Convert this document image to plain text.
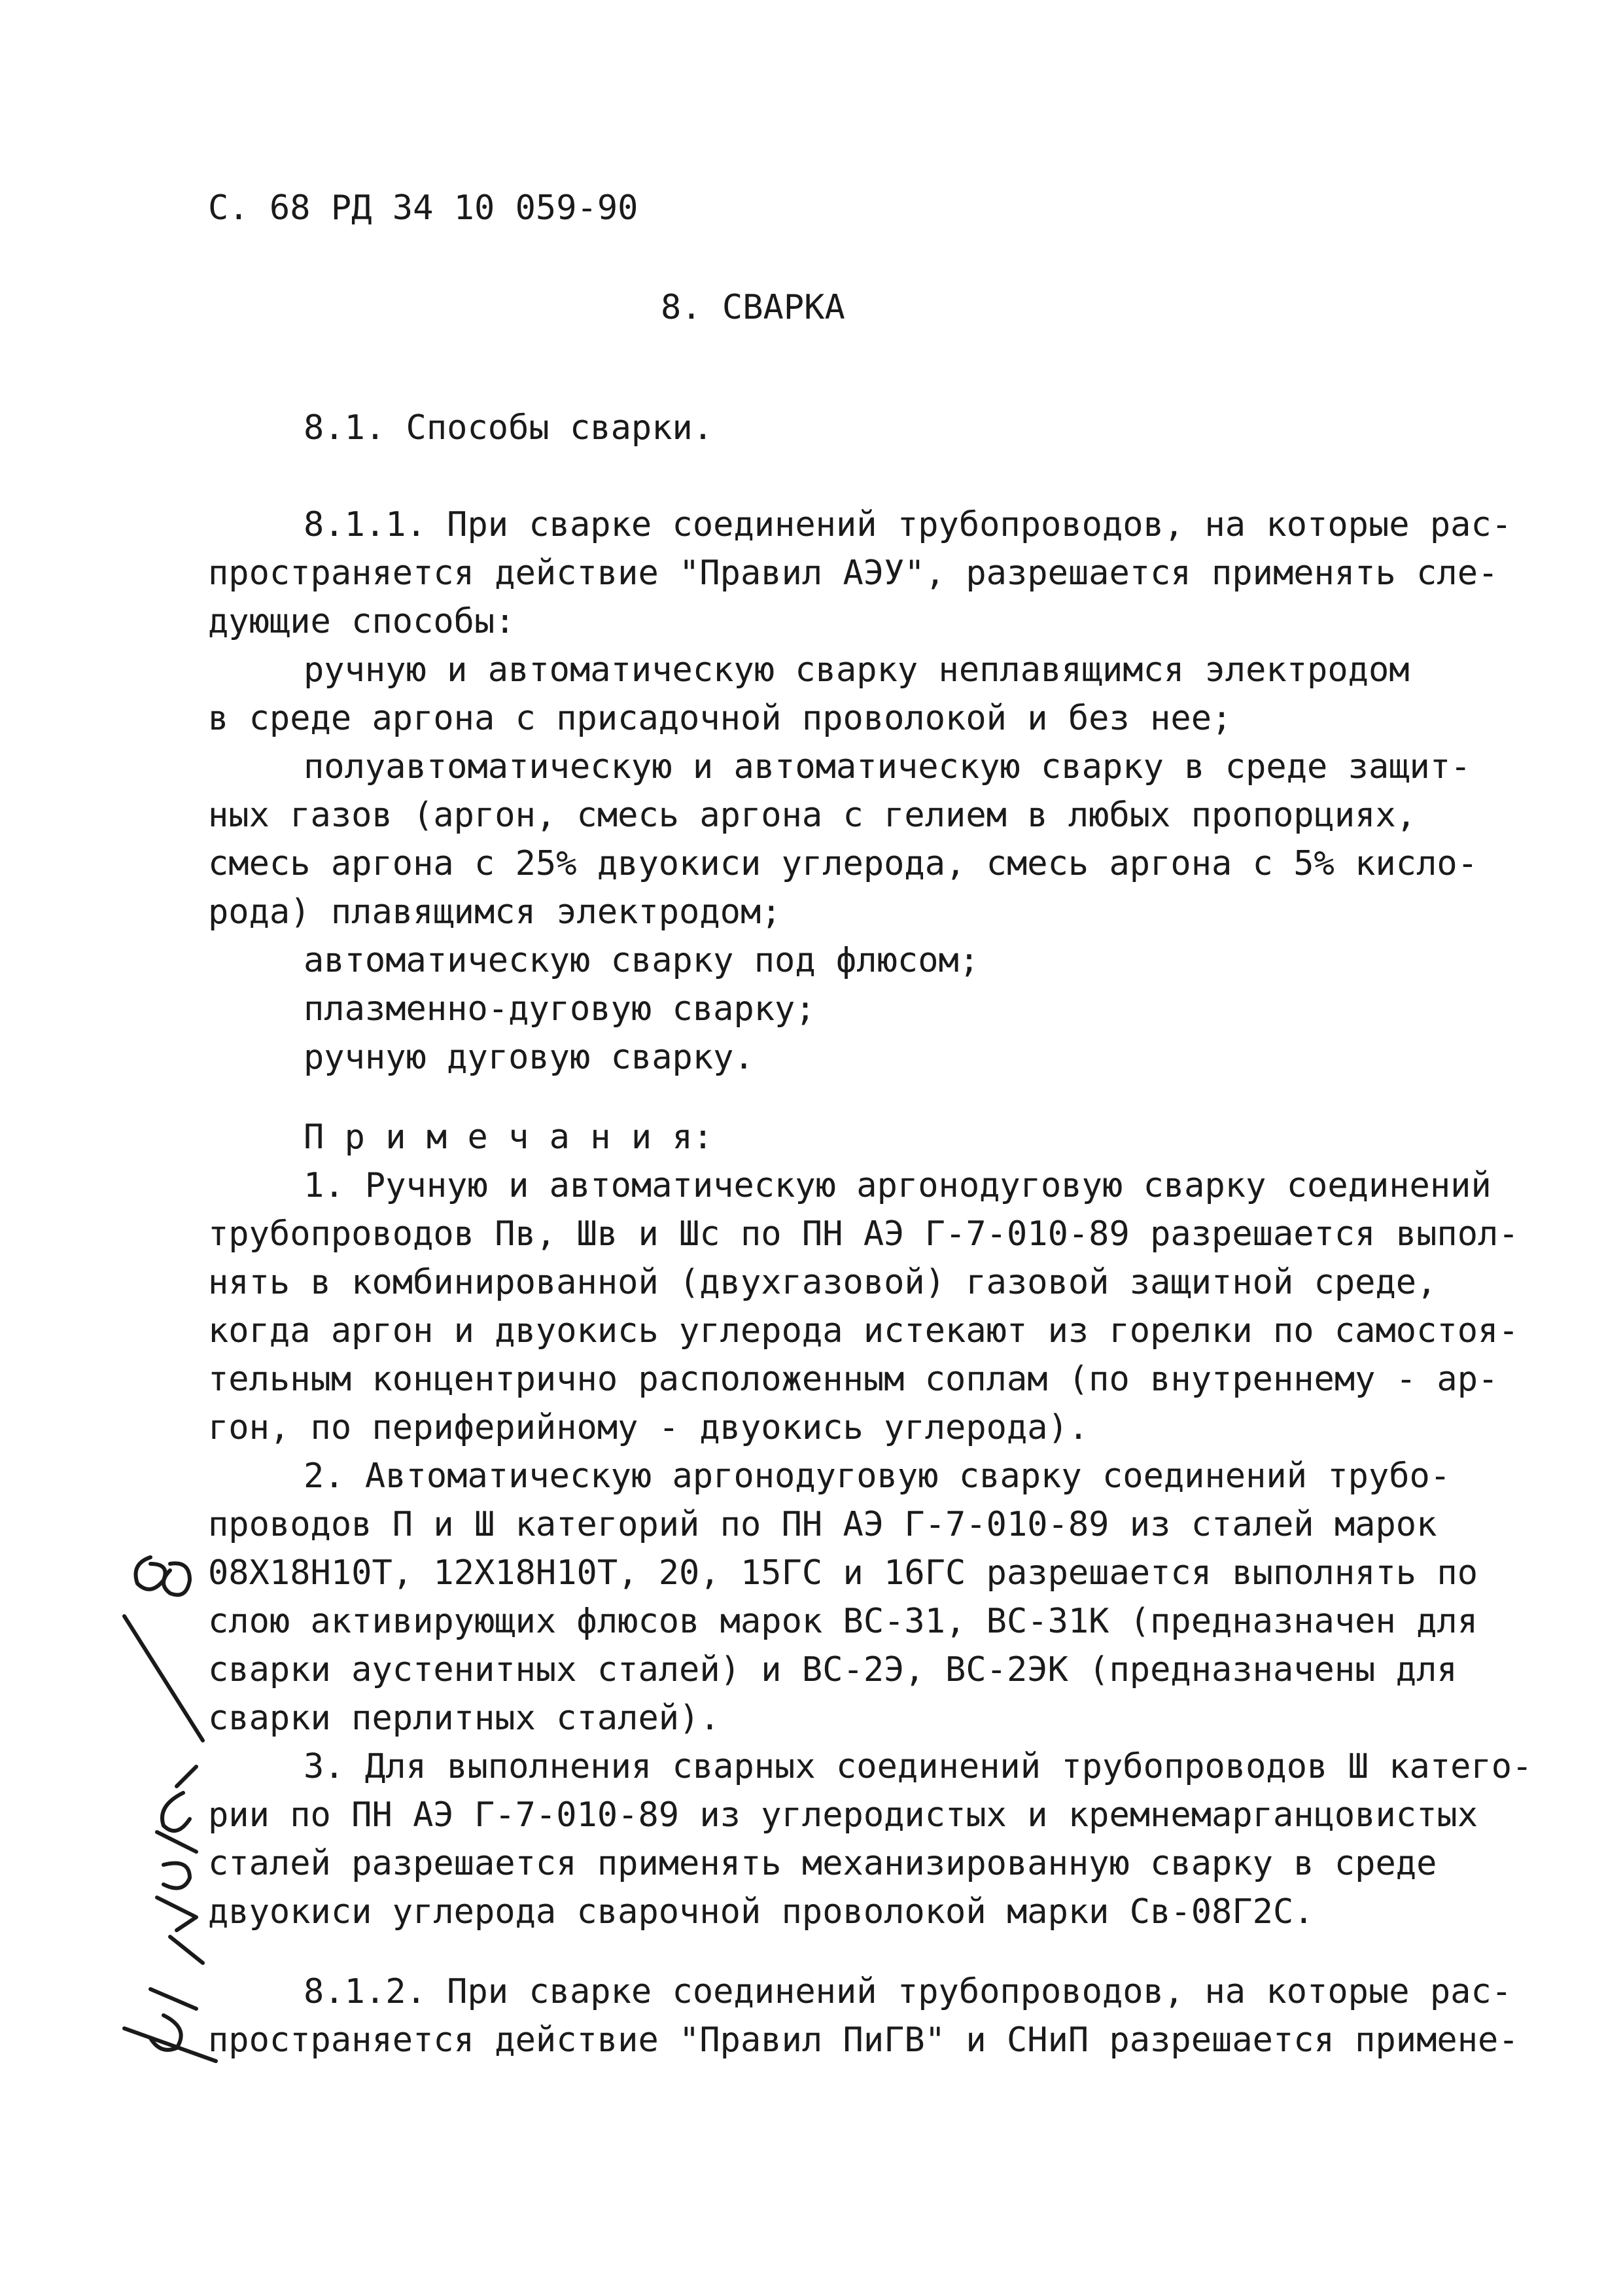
С. 68 РД 34 10 059-90
8. СВАРКА
8.1. Способы сварки.
8.1.1. При сварке соединений трубопроводов, на которые рас-
пространяется действие "Правил АЭУ", разрешается применять сле-
дующие способы:
ручную и автоматическую сварку неплавящимся электродом
в среде аргона с присадочной проволокой и без нее;
полуавтоматическую и автоматическую сварку в среде защит-
ных газов (аргон, смесь аргона с гелием в любых пропорциях,
смесь аргона с 25% двуокиси углерода, смесь аргона с 5% кисло-
рода) плавящимся электродом;
автоматическую сварку под флюсом;
плазменно-дуговую сварку;
ручную дуговую сварку.
П р и м е ч а н и я:
1. Ручную и автоматическую аргонодуговую сварку соединений
трубопроводов Пв, Шв и Шс по ПН АЭ Г-7-010-89 разрешается выпол-
нять в комбинированной (двухгазовой) газовой защитной среде,
когда аргон и двуокись углерода истекают из горелки по самостоя-
тельным концентрично расположенным соплам (по внутреннему - ар-
гон, по периферийному - двуокись углерода).
2. Автоматическую аргонодуговую сварку соединений трубо-
проводов П и Ш категорий по ПН АЭ Г-7-010-89 из сталей марок
08Х18Н10Т, 12Х18Н10Т, 20, 15ГС и 16ГС разрешается выполнять по
слою активирующих флюсов марок ВС-31, ВС-31К (предназначен для
сварки аустенитных сталей) и ВС-2Э, ВС-2ЭК (предназначены для
сварки перлитных сталей).
3. Для выполнения сварных соединений трубопроводов Ш катего-
рии по ПН АЭ Г-7-010-89 из углеродистых и кремнемарганцовистых
сталей разрешается применять механизированную сварку в среде
двуокиси углерода сварочной проволокой марки Св-08Г2С.
8.1.2. При сварке соединений трубопроводов, на которые рас-
пространяется действие "Правил ПиГВ" и СНиП разрешается примене-
